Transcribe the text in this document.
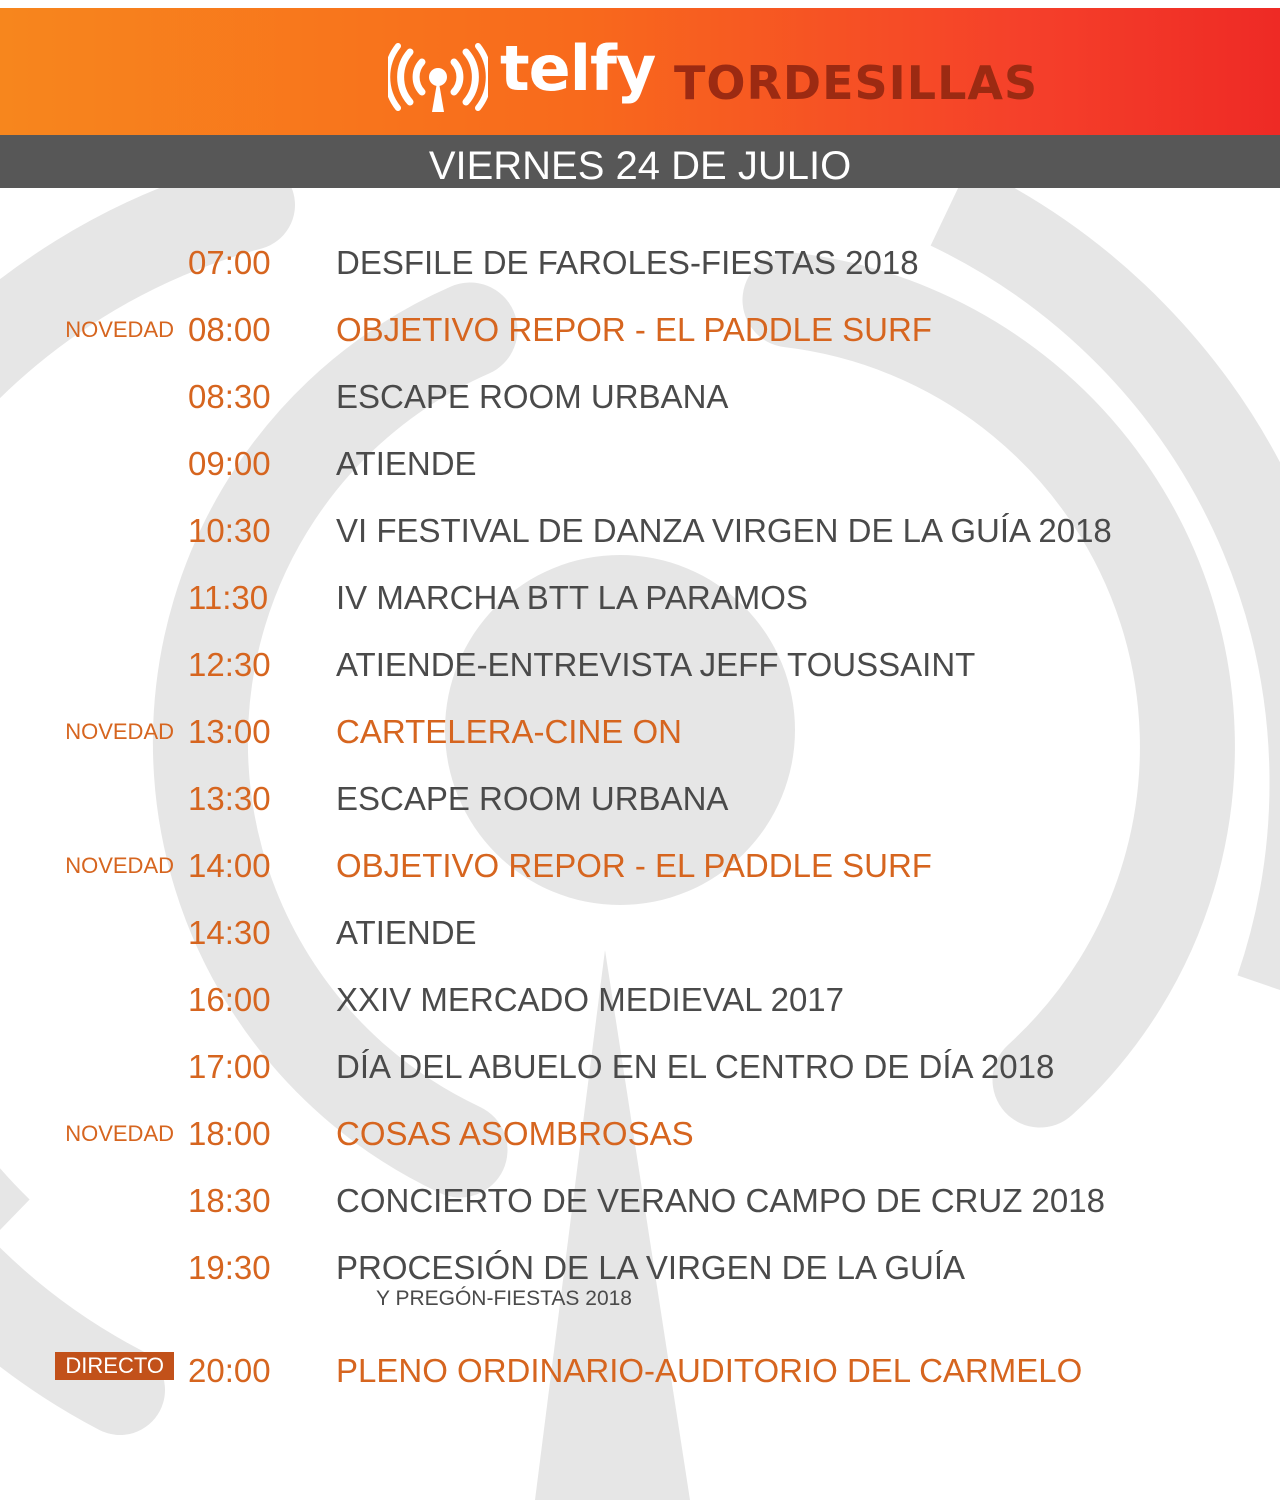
telfy TORDESILLAS
VIERNES 24 DE JULIO
07:00 DESFILE DE FAROLES-FIESTAS 2018
NOVEDAD 08:00 OBJETIVO REPOR - EL PADDLE SURF
08:30 ESCAPE ROOM URBANA
09:00 ATIENDE
10:30 VI FESTIVAL DE DANZA VIRGEN DE LA GUÍA 2018
11:30 IV MARCHA BTT LA PARAMOS
12:30 ATIENDE-ENTREVISTA JEFF TOUSSAINT
NOVEDAD 13:00 CARTELERA-CINE ON
13:30 ESCAPE ROOM URBANA
NOVEDAD 14:00 OBJETIVO REPOR - EL PADDLE SURF
14:30 ATIENDE
16:00 XXIV MERCADO MEDIEVAL 2017
17:00 DÍA DEL ABUELO EN EL CENTRO DE DÍA 2018
NOVEDAD 18:00 COSAS ASOMBROSAS
18:30 CONCIERTO DE VERANO CAMPO DE CRUZ 2018
19:30 PROCESIÓN DE LA VIRGEN DE LA GUÍA
Y PREGÓN-FIESTAS 2018
DIRECTO 20:00 PLENO ORDINARIO-AUDITORIO DEL CARMELO
